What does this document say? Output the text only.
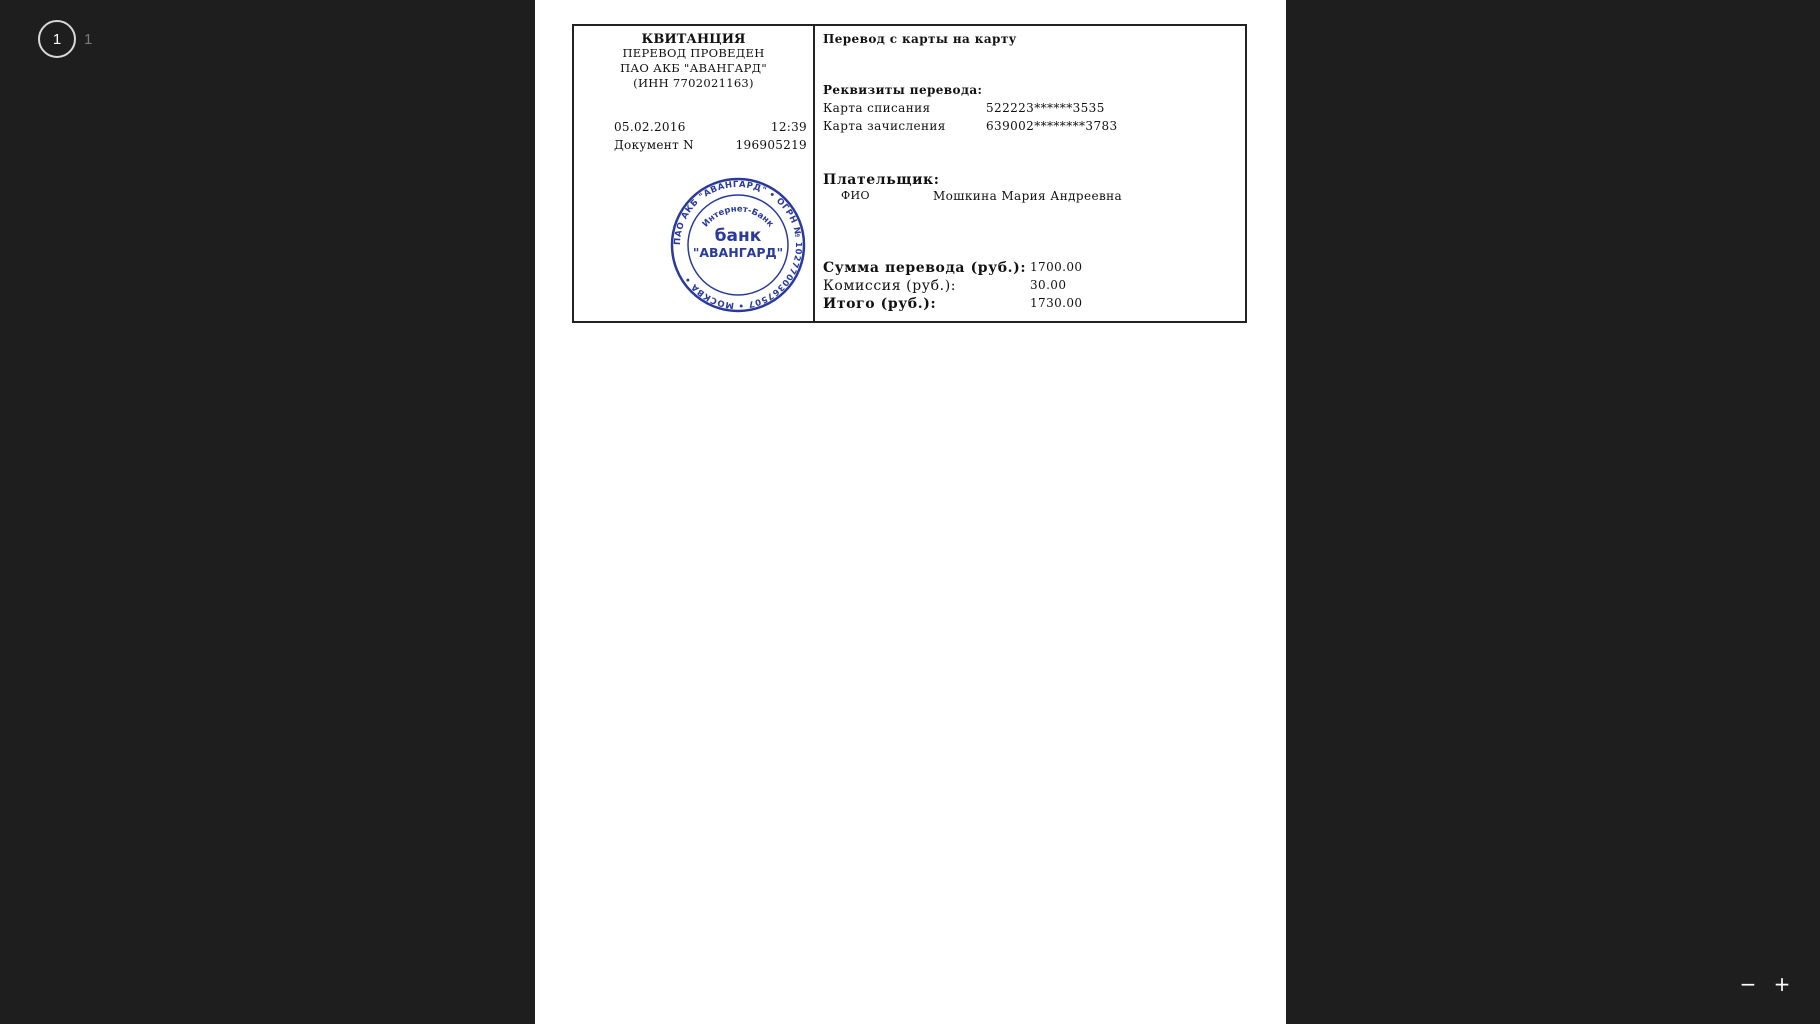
1	1	КВИТАНЦИЯ
ПЕРЕВОД ПРОВЕДЕН
ПАО АКБ "АВАНГАРД"
(ИНН 7702021163)
05.02.2016	12:39
Документ N	196905219
ПАО АКБ "АВАНГАРД" • ОГРН № 1027700367507 • МОСКВА •
Интернет-Банк
банк
"АВАНГАРД"
Перевод с карты на карту
Реквизиты перевода:
Карта списания	522223******3535
Карта зачисления	639002********3783
Плательщик:
ФИО	Мошкина Мария Андреевна
Сумма перевода (руб.): 1700.00
Комиссия (руб.):	30.00
Итого (руб.):	1730.00
− +
